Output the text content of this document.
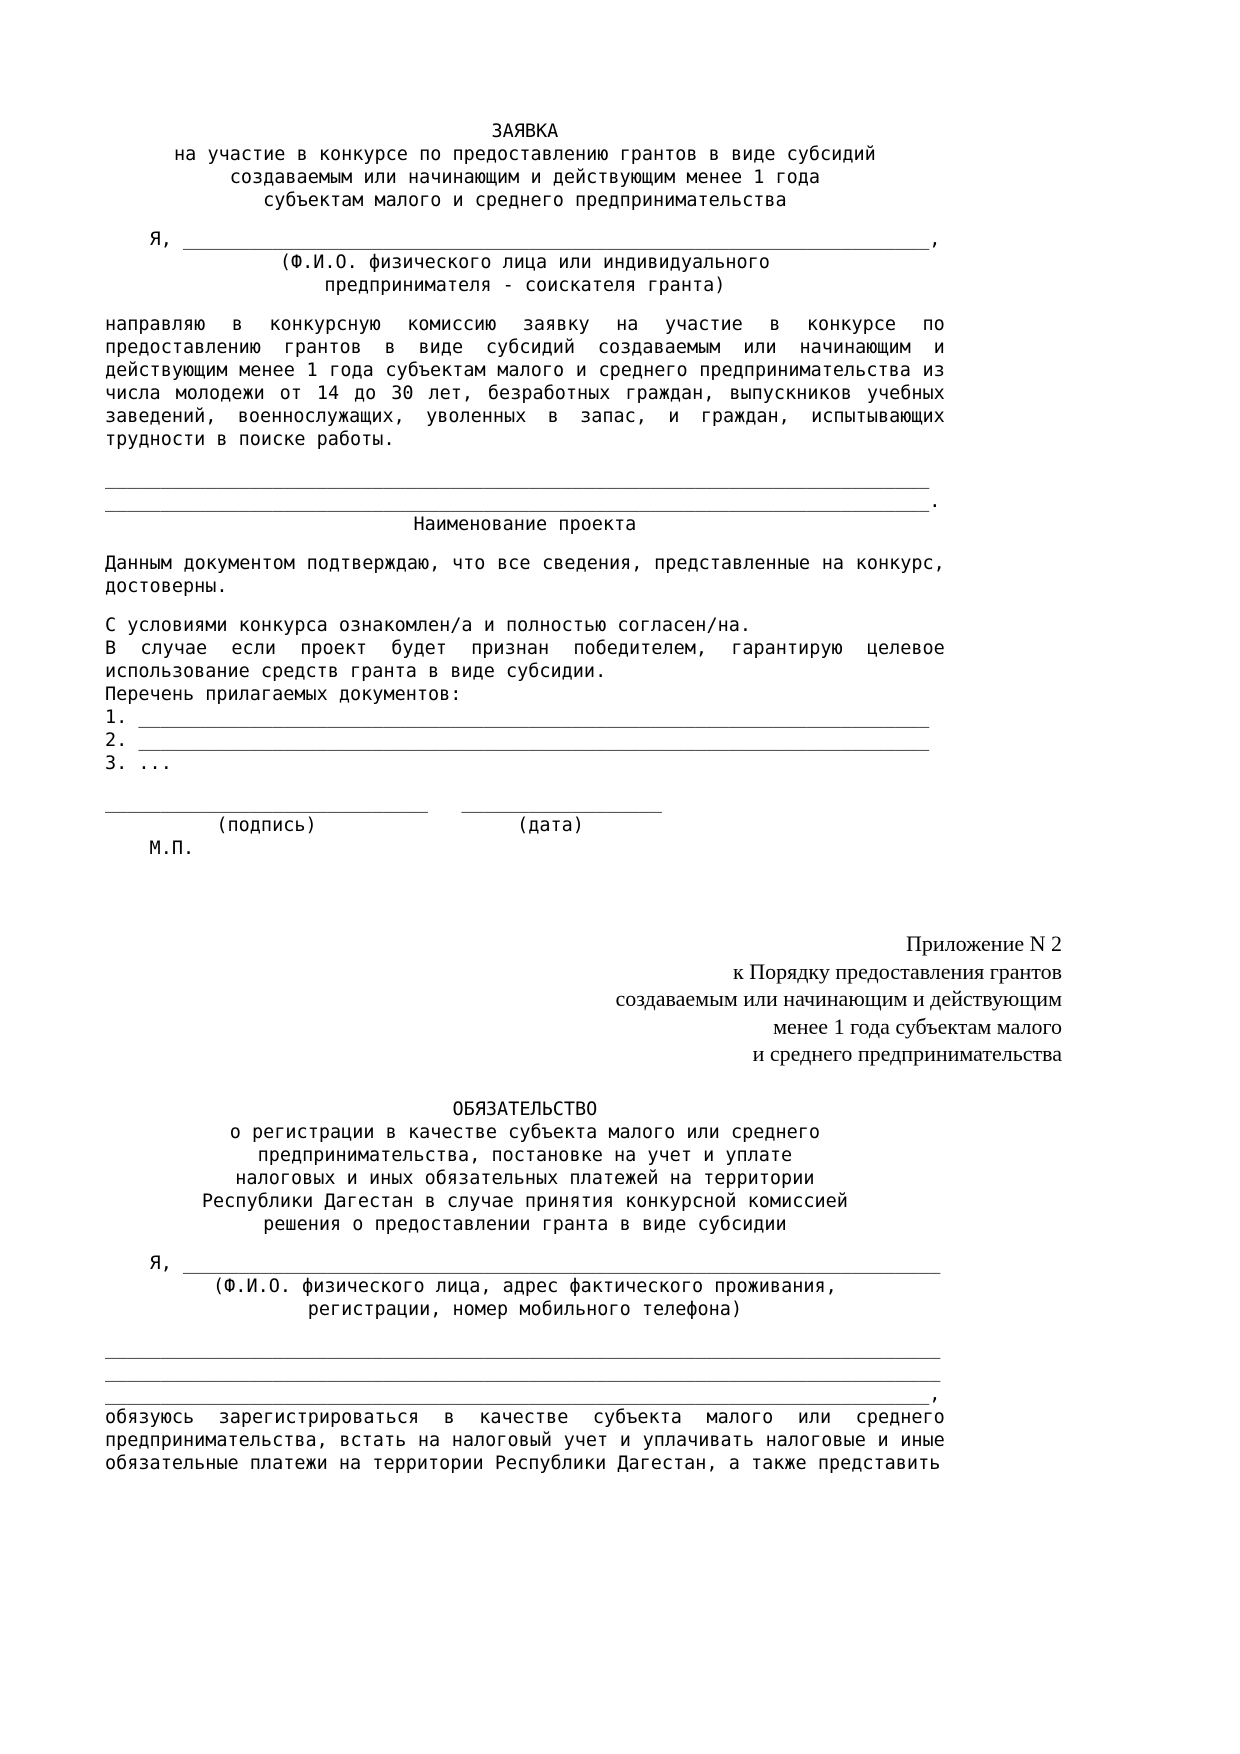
ЗАЯВКА
на участие в конкурсе по предоставлению грантов в виде субсидий
создаваемым или начинающим и действующим менее 1 года
субъектам малого и среднего предпринимательства
Я, ___________________________________________________________________,
(Ф.И.О. физического лица или индивидуального
предпринимателя - соискателя гранта)

направляю в конкурсную комиссию заявку на участие в конкурсе по предоставлению грантов в виде субсидий создаваемым или начинающим и действующим менее 1 года субъектам малого и среднего предпринимательства из числа молодежи от 14 до 30 лет, безработных граждан, выпускников учебных заведений, военнослужащих, уволенных в запас, и граждан, испытывающих трудности в поиске работы.

__________________________________________________________________________
__________________________________________________________________________.
Наименование проекта

Данным документом подтверждаю, что все сведения, представленные на конкурс, достоверны.

С условиями конкурса ознакомлен/а и полностью согласен/на.

В случае если проект будет признан победителем, гарантирую целевое использование средств гранта в виде субсидии.

Перечень прилагаемых документов:
1. _______________________________________________________________________
2. _______________________________________________________________________
3. ...
_____________________________   __________________
(подпись)                  (дата)
М.П.
Приложение N 2
к Порядку предоставления грантов
создаваемым или начинающим и действующим
менее 1 года субъектам малого
и среднего предпринимательства
ОБЯЗАТЕЛЬСТВО
о регистрации в качестве субъекта малого или среднего
предпринимательства, постановке на учет и уплате
налоговых и иных обязательных платежей на территории
Республики Дагестан в случае принятия конкурсной комиссией
решения о предоставлении гранта в виде субсидии
Я, ____________________________________________________________________
(Ф.И.О. физического лица, адрес фактического проживания,
регистрации, номер мобильного телефона)
___________________________________________________________________________
___________________________________________________________________________
__________________________________________________________________________,

обязуюсь зарегистрироваться в качестве субъекта малого или среднего предпринимательства, встать на налоговый учет и уплачивать налоговые и иные обязательные платежи на территории Республики Дагестан, а также представить
